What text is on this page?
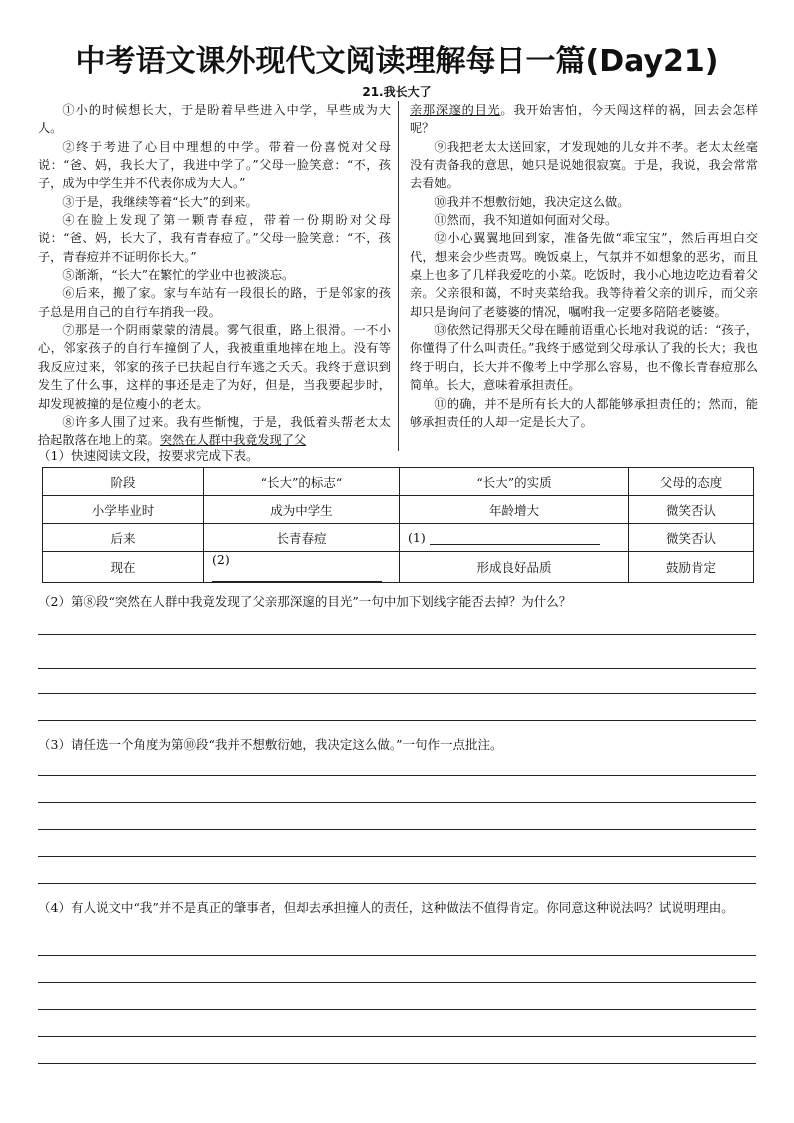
中考语文课外现代文阅读理解每日一篇(Day21)
21.我长大了

①小的时候想长大，于是盼着早些进入中学，早些成为大人。

②终于考进了心目中理想的中学。带着一份喜悦对父母说：“爸、妈，我长大了，我进中学了。”父母一脸笑意：“不，孩子，成为中学生并不代表你成为大人。”

③于是，我继续等着“长大”的到来。

④在脸上发现了第一颗青春痘，带着一份期盼对父母说：“爸、妈，长大了，我有青春痘了。”父母一脸笑意：“不，孩子，青春痘并不证明你长大。”

⑤渐渐，“长大”在繁忙的学业中也被淡忘。

⑥后来，搬了家。家与车站有一段很长的路，于是邻家的孩子总是用自己的自行车捎我一段。

⑦那是一个阴雨蒙蒙的清晨。雾气很重，路上很滑。一不小心，邻家孩子的自行车撞倒了人，我被重重地摔在地上。没有等我反应过来，邻家的孩子已扶起自行车逃之夭夭。我终于意识到发生了什么事，这样的事还是走了为好，但是，当我要起步时，却发现被撞的是位瘦小的老太。

⑧许多人围了过来。我有些惭愧，于是，我低着头帮老太太拾起散落在地上的菜。突然在人群中我竟发现了父

亲那深邃的目光。我开始害怕，今天闯这样的祸，回去会怎样呢？

⑨我把老太太送回家，才发现她的儿女并不孝。老太太丝毫没有责备我的意思，她只是说她很寂寞。于是，我说，我会常常去看她。

⑩我并不想敷衍她，我决定这么做。

⑪然而，我不知道如何面对父母。

⑫小心翼翼地回到家，准备先做“乖宝宝”，然后再坦白交代，想来会少些责骂。晚饭桌上，气氛并不如想象的恶劣，而且桌上也多了几样我爱吃的小菜。吃饭时，我小心地边吃边看着父亲。父亲很和蔼，不时夹菜给我。我等待着父亲的训斥，而父亲却只是询问了老婆婆的情况，嘱咐我一定要多陪陪老婆婆。

⑬依然记得那天父母在睡前语重心长地对我说的话：“孩子，你懂得了什么叫责任。”我终于感觉到父母承认了我的长大；我也终于明白，长大并不像考上中学那么容易，也不像长青春痘那么简单。长大，意味着承担责任。

⑪的确，并不是所有长大的人都能够承担责任的；然而，能够承担责任的人却一定是长大了。

（1）快速阅读文段，按要求完成下表。
阶段	“长大”的标志“	“长大”的实质	父母的态度
小学毕业时	成为中学生	年龄增大	微笑否认
后来	长青春痘	(1)	微笑否认
现在	(2)	形成良好品质	鼓励肯定
（2）第⑧段“突然在人群中我竟发现了父亲那深邃的目光”一句中加下划线字能否去掉？为什么？
（3）请任选一个角度为第⑩段“我并不想敷衍她，我决定这么做。”一句作一点批注。
（4）有人说文中“我”并不是真正的肇事者，但却去承担撞人的责任，这种做法不值得肯定。你同意这种说法吗？试说明理由。
